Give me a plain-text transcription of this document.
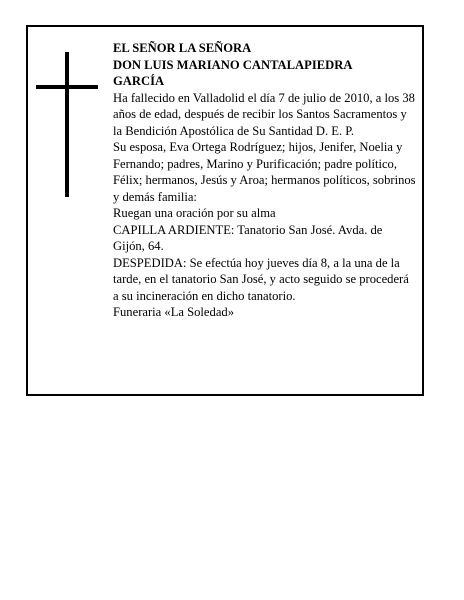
EL SEÑOR LA SEÑORA

DON LUIS MARIANO CANTALAPIEDRA

GARCÍA

Ha fallecido en Valladolid el día 7 de julio de 2010, a los 38 años de edad, después de recibir los Santos Sacramentos y la Bendición Apostólica de Su Santidad D. E. P.

Su esposa, Eva Ortega Rodríguez; hijos, Jenifer, Noelia y Fernando; padres, Marino y Purificación; padre político, Félix; hermanos, Jesús y Aroa; hermanos políticos, sobrinos y demás familia:

Ruegan una oración por su alma

CAPILLA ARDIENTE: Tanatorio San José. Avda. de Gijón, 64.

DESPEDIDA: Se efectúa hoy jueves día 8, a la una de la tarde, en el tanatorio San José, y acto seguido se procederá a su incineración en dicho tanatorio.

Funeraria «La Soledad»
